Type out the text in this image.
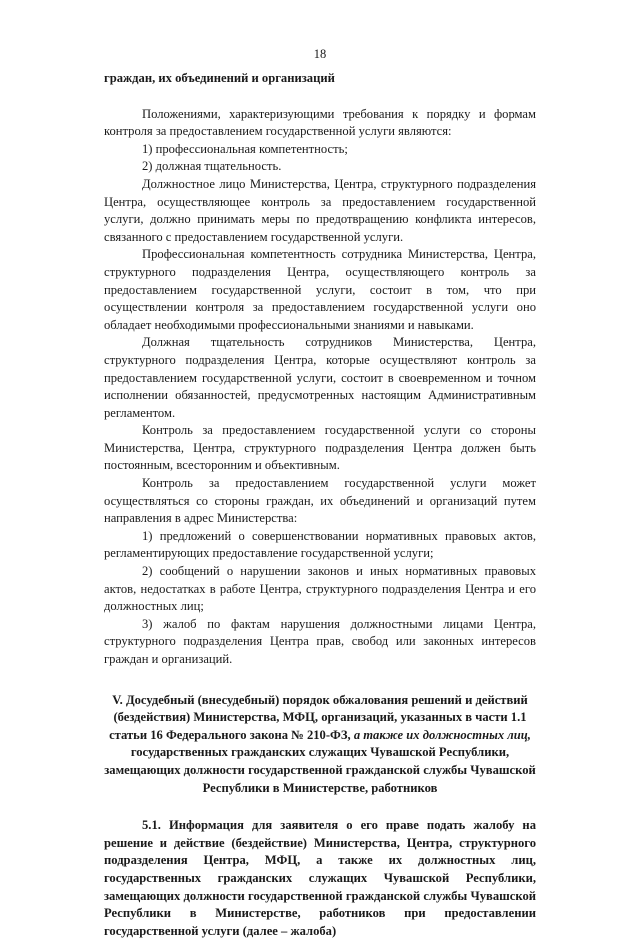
18

граждан, их объединений и организаций

Положениями, характеризующими требования к порядку и формам контроля за предоставлением государственной услуги являются:

1) профессиональная компетентность;

2) должная тщательность.

Должностное лицо Министерства, Центра, структурного подразделения Центра, осуществляющее контроль за предоставлением государственной услуги, должно принимать меры по предотвращению конфликта интересов, связанного с предоставлением государственной услуги.

Профессиональная компетентность сотрудника Министерства, Центра, структурного подразделения Центра, осуществляющего контроль за предоставлением государственной услуги, состоит в том, что при осуществлении контроля за предоставлением государственной услуги оно обладает необходимыми профессиональными знаниями и навыками.

Должная тщательность сотрудников Министерства, Центра, структурного подразделения Центра, которые осуществляют контроль за предоставлением государственной услуги, состоит в своевременном и точном исполнении обязанностей, предусмотренных настоящим Административным регламентом.

Контроль за предоставлением государственной услуги со стороны Министерства, Центра, структурного подразделения Центра должен быть постоянным, всесторонним и объективным.

Контроль за предоставлением государственной услуги может осуществляться со стороны граждан, их объединений и организаций путем направления в адрес Министерства:

1) предложений о совершенствовании нормативных правовых актов, регламентирующих предоставление государственной услуги;

2) сообщений о нарушении законов и иных нормативных правовых актов, недостатках в работе Центра, структурного подразделения Центра и его должностных лиц;

3) жалоб по фактам нарушения должностными лицами Центра, структурного подразделения Центра прав, свобод или законных интересов граждан и организаций.

V. Досудебный (внесудебный) порядок обжалования решений и действий (бездействия) Министерства, МФЦ, организаций, указанных в части 1.1 статьи 16 Федерального закона № 210-ФЗ, а также их должностных лиц, государственных гражданских служащих Чувашской Республики, замещающих должности государственной гражданской службы Чувашской Республики в Министерстве, работников

5.1. Информация для заявителя о его праве подать жалобу на решение и действие (бездействие) Министерства, Центра, структурного подразделения Центра, МФЦ, а также их должностных лиц, государственных гражданских служащих Чувашской Республики, замещающих должности государственной гражданской службы Чувашской Республики в Министерстве, работников при предоставлении государственной услуги (далее – жалоба)
